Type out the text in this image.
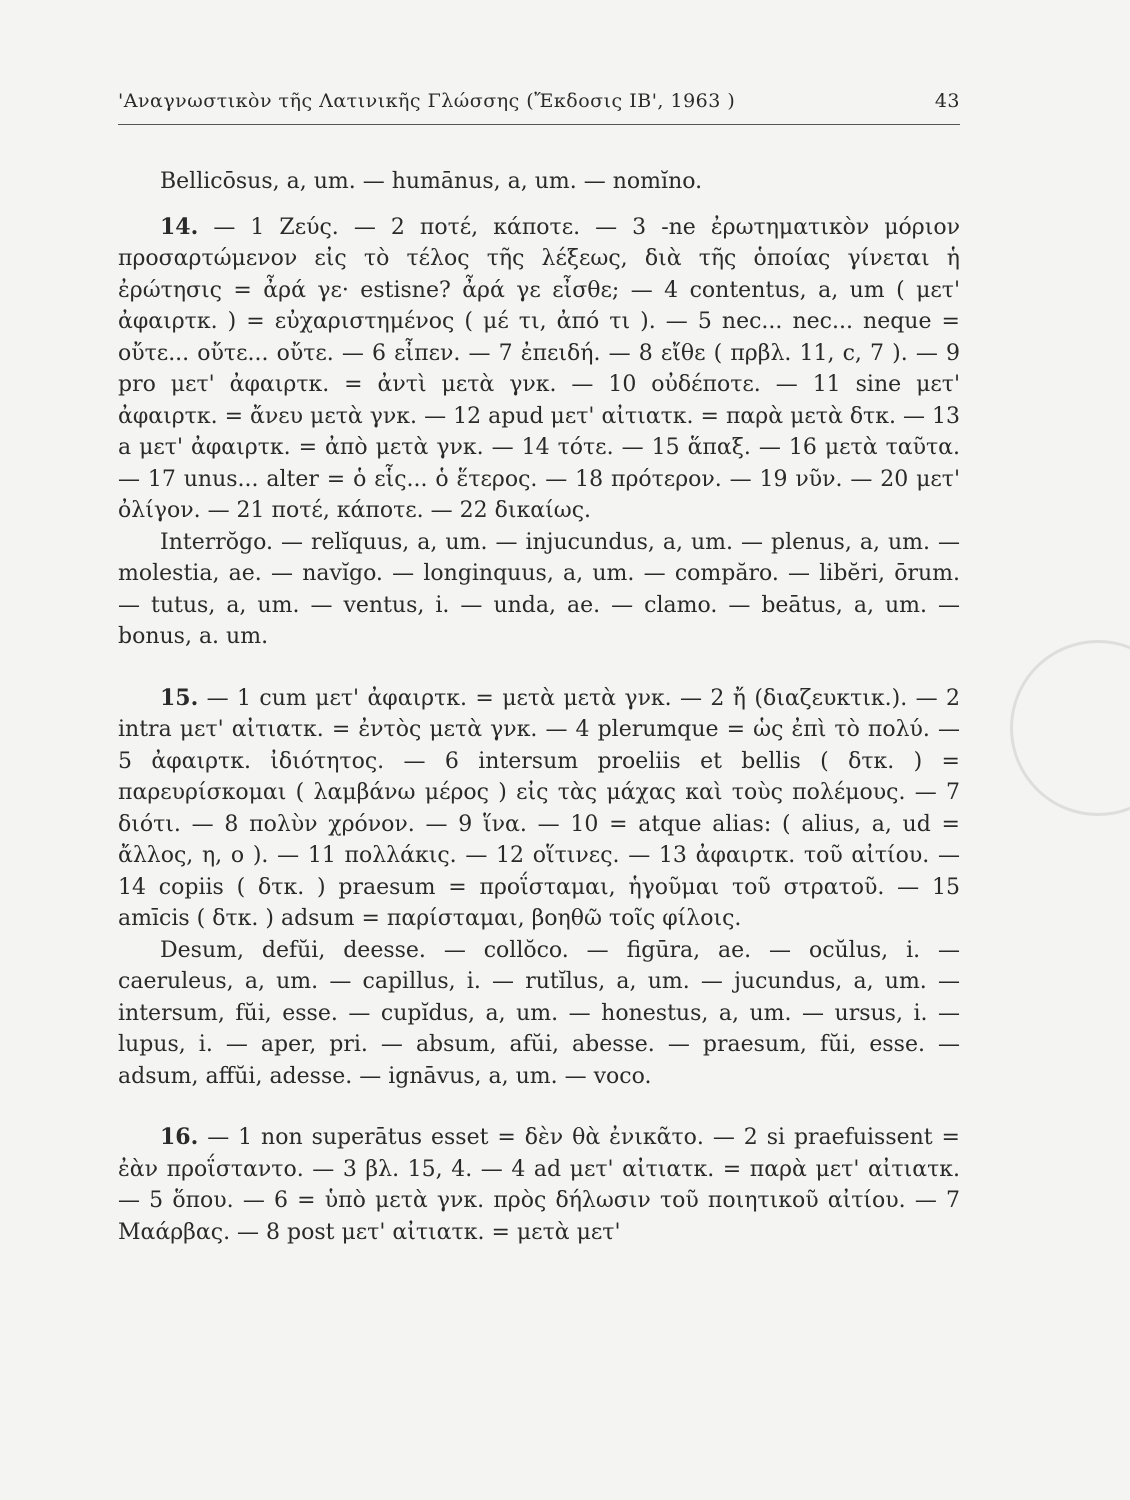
'Αναγνωστικὸν τῆς Λατινικῆς Γλώσσης (Ἔκδοσις ΙΒ', 1963 )	43

Bellicōsus, a, um. — humānus, a, um. — nomĭno.

14. — 1 Ζεύς. — 2 ποτέ, κάποτε. — 3 -ne ἐρωτηματικὸν μόριον προσαρτώμενον εἰς τὸ τέλος τῆς λέξεως, διὰ τῆς ὁποίας γίνεται ἡ ἐρώτησις = ἆρά γε· estisne? ἆρά γε εἶσθε; — 4 contentus, a, um ( μετ' ἀφαιρτκ. ) = εὐχαριστημένος ( μέ τι, ἀπό τι ). — 5 nec... nec... neque = οὔτε... οὔτε... οὔτε. — 6 εἶπεν. — 7 ἐπειδή. — 8 εἴθε ( πρβλ. 11, c, 7 ). — 9 pro μετ' ἀφαιρτκ. = ἀντὶ μετὰ γνκ. — 10 οὐδέποτε. — 11 sine μετ' ἀφαιρτκ. = ἄνευ μετὰ γνκ. — 12 apud μετ' αἰτιατκ. = παρὰ μετὰ δτκ. — 13 a μετ' ἀφαιρτκ. = ἀπὸ μετὰ γνκ. — 14 τότε. — 15 ἅπαξ. — 16 μετὰ ταῦτα. — 17 unus... alter = ὁ εἷς... ὁ ἕτερος. — 18 πρότερον. — 19 νῦν. — 20 μετ' ὀλίγον. — 21 ποτέ, κάποτε. — 22 δικαίως.

Interrŏgo. — relĭquus, a, um. — injucundus, a, um. — plenus, a, um. — molestia, ae. — navĭgo. — longinquus, a, um. — compăro. — libĕri, ōrum. — tutus, a, um. — ventus, i. — unda, ae. — clamo. — beātus, a, um. — bonus, a. um.

15. — 1 cum μετ' ἀφαιρτκ. = μετὰ μετὰ γνκ. — 2 ἤ (διαζευκτικ.). — 2 intra μετ' αἰτιατκ. = ἐντὸς μετὰ γνκ. — 4 plerumque = ὡς ἐπὶ τὸ πολύ. — 5 ἀφαιρτκ. ἰδιότητος. — 6 intersum proeliis et bellis ( δτκ. ) = παρευρίσκομαι ( λαμβάνω μέρος ) εἰς τὰς μάχας καὶ τοὺς πολέμους. — 7 διότι. — 8 πολὺν χρόνον. — 9 ἵνα. — 10 = atque alias: ( alius, a, ud = ἄλλος, η, ο ). — 11 πολλάκις. — 12 οἵτινες. — 13 ἀφαιρτκ. τοῦ αἰτίου. — 14 copiis ( δτκ. ) praesum = προΐσταμαι, ἡγοῦμαι τοῦ στρατοῦ. — 15 amīcis ( δτκ. ) adsum = παρίσταμαι, βοηθῶ τοῖς φίλοις.

Desum, defŭi, deesse. — collŏco. — figūra, ae. — ocŭlus, i. — caeruleus, a, um. — capillus, i. — rutĭlus, a, um. — jucundus, a, um. — intersum, fŭi, esse. — cupĭdus, a, um. — honestus, a, um. — ursus, i. — lupus, i. — aper, pri. — absum, afŭi, abesse. — praesum, fŭi, esse. — adsum, affŭi, adesse. — ignāvus, a, um. — voco.

16. — 1 non superātus esset = δὲν θὰ ἐνικᾶτο. — 2 si praefuissent = ἐὰν προΐσταντο. — 3 βλ. 15, 4. — 4 ad μετ' αἰτιατκ. = παρὰ μετ' αἰτιατκ. — 5 ὅπου. — 6 = ὑπὸ μετὰ γνκ. πρὸς δήλωσιν τοῦ ποιητικοῦ αἰτίου. — 7 Μαάρβας. — 8 post μετ' αἰτιατκ. = μετὰ μετ'
